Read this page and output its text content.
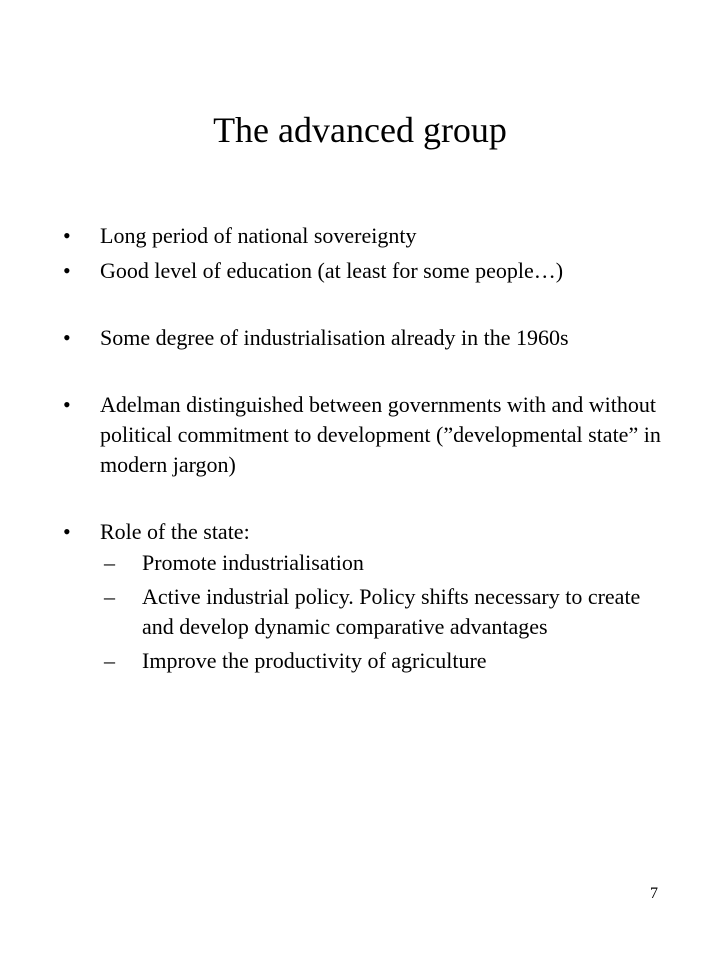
The advanced group
• Long period of national sovereignty
• Good level of education (at least for some people…)
• Some degree of industrialisation already in the 1960s
• Adelman distinguished between governments with and without political commitment to development (”developmental state” in modern jargon)
• Role of the state:
– Promote industrialisation
– Active industrial policy. Policy shifts necessary to create and develop dynamic comparative advantages
– Improve the productivity of agriculture
7
